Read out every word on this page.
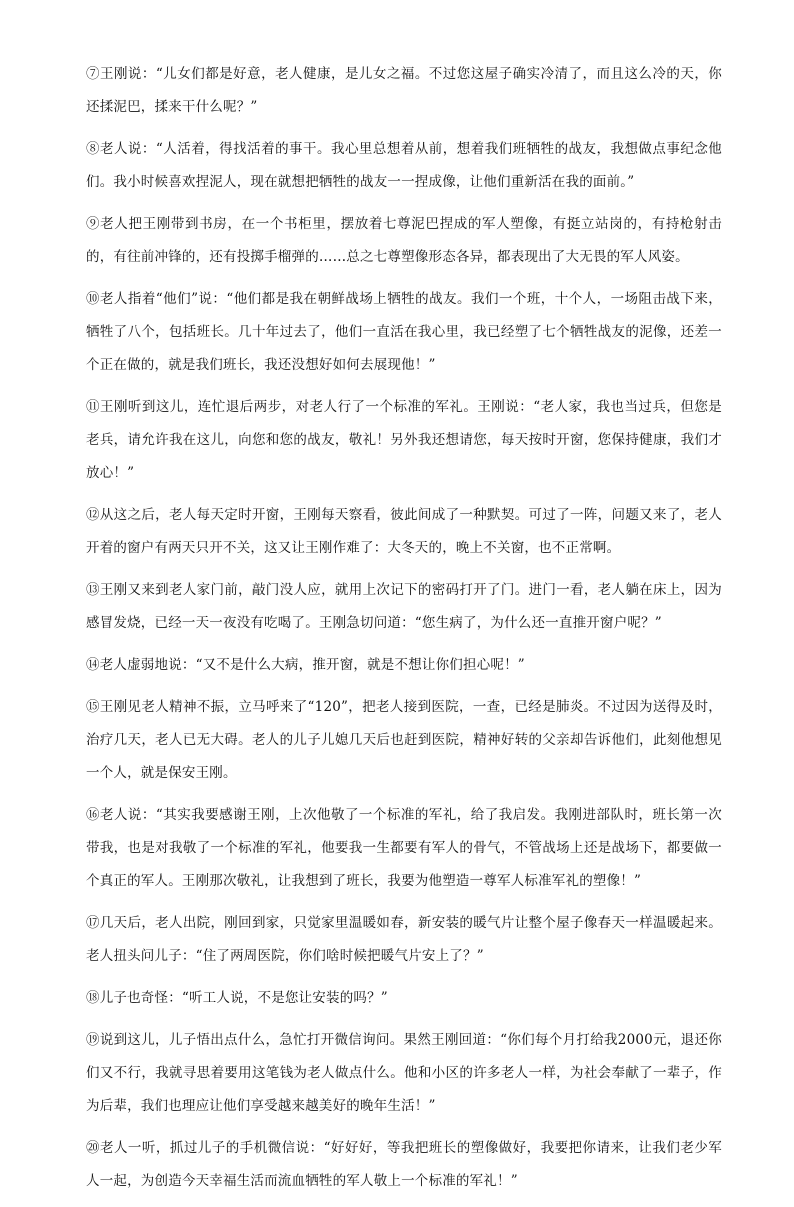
⑦王刚说：“儿女们都是好意，老人健康，是儿女之福。不过您这屋子确实冷清了，而且这么冷的天，你还揉泥巴，揉来干什么呢？”

⑧老人说：“人活着，得找活着的事干。我心里总想着从前，想着我们班牺牲的战友，我想做点事纪念他们。我小时候喜欢捏泥人，现在就想把牺牲的战友一一捏成像，让他们重新活在我的面前。”

⑨老人把王刚带到书房，在一个书柜里，摆放着七尊泥巴捏成的军人塑像，有挺立站岗的，有持枪射击的，有往前冲锋的，还有投掷手榴弹的……总之七尊塑像形态各异，都表现出了大无畏的军人风姿。

⑩老人指着“他们”说：“他们都是我在朝鲜战场上牺牲的战友。我们一个班，十个人，一场阻击战下来，牺牲了八个，包括班长。几十年过去了，他们一直活在我心里，我已经塑了七个牺牲战友的泥像，还差一个正在做的，就是我们班长，我还没想好如何去展现他！”

⑪王刚听到这儿，连忙退后两步，对老人行了一个标准的军礼。王刚说：“老人家，我也当过兵，但您是老兵，请允许我在这儿，向您和您的战友，敬礼！另外我还想请您，每天按时开窗，您保持健康，我们才放心！”

⑫从这之后，老人每天定时开窗，王刚每天察看，彼此间成了一种默契。可过了一阵，问题又来了，老人开着的窗户有两天只开不关，这又让王刚作难了：大冬天的，晚上不关窗，也不正常啊。

⑬王刚又来到老人家门前，敲门没人应，就用上次记下的密码打开了门。进门一看，老人躺在床上，因为感冒发烧，已经一天一夜没有吃喝了。王刚急切问道：“您生病了，为什么还一直推开窗户呢？”

⑭老人虚弱地说：“又不是什么大病，推开窗，就是不想让你们担心呢！”

⑮王刚见老人精神不振，立马呼来了“120”，把老人接到医院，一查，已经是肺炎。不过因为送得及时，治疗几天，老人已无大碍。老人的儿子儿媳几天后也赶到医院，精神好转的父亲却告诉他们，此刻他想见一个人，就是保安王刚。

⑯老人说：“其实我要感谢王刚，上次他敬了一个标准的军礼，给了我启发。我刚进部队时，班长第一次带我，也是对我敬了一个标准的军礼，他要我一生都要有军人的骨气，不管战场上还是战场下，都要做一个真正的军人。王刚那次敬礼，让我想到了班长，我要为他塑造一尊军人标准军礼的塑像！”

⑰几天后，老人出院，刚回到家，只觉家里温暖如春，新安装的暖气片让整个屋子像春天一样温暖起来。老人扭头问儿子：“住了两周医院，你们啥时候把暖气片安上了？”

⑱儿子也奇怪：“听工人说，不是您让安装的吗？”

⑲说到这儿，儿子悟出点什么，急忙打开微信询问。果然王刚回道：“你们每个月打给我2000元，退还你们又不行，我就寻思着要用这笔钱为老人做点什么。他和小区的许多老人一样，为社会奉献了一辈子，作为后辈，我们也理应让他们享受越来越美好的晚年生活！”

⑳老人一听，抓过儿子的手机微信说：“好好好，等我把班长的塑像做好，我要把你请来，让我们老少军人一起，为创造今天幸福生活而流血牺牲的军人敬上一个标准的军礼！”
